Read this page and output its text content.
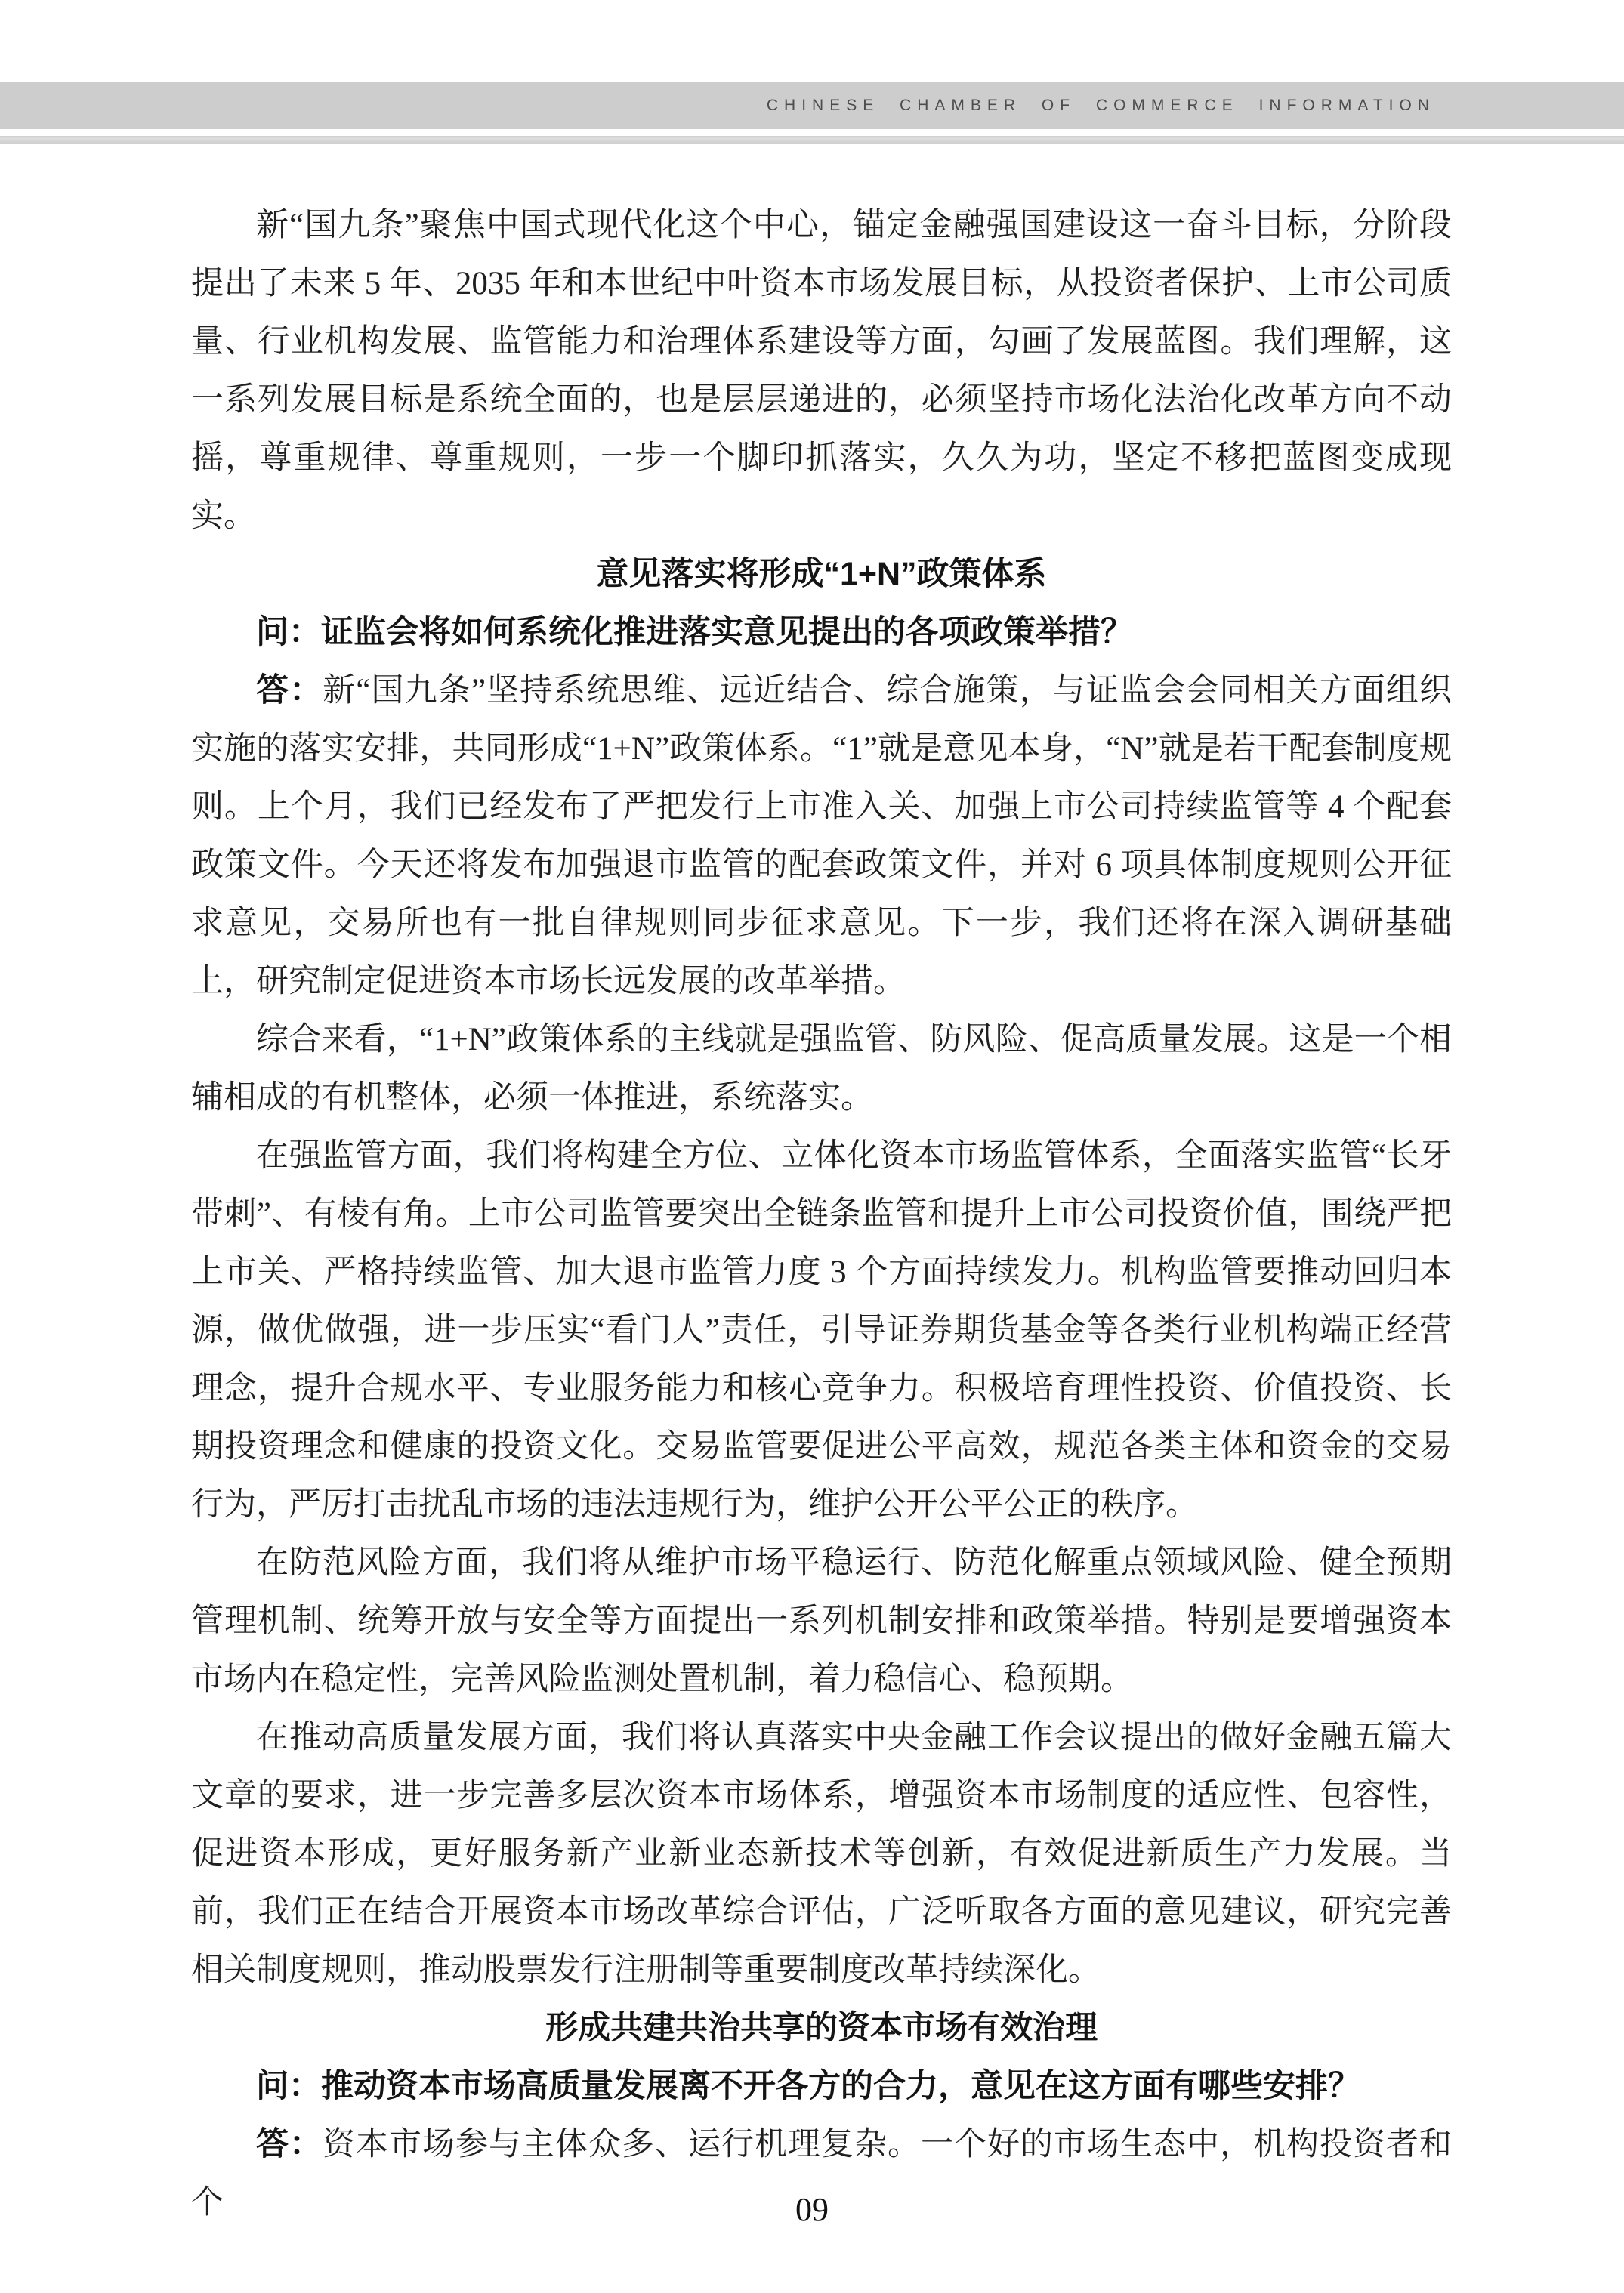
CHINESE CHAMBER OF COMMERCE INFORMATION

新“国九条”聚焦中国式现代化这个中心，锚定金融强国建设这一奋斗目标，分阶段提出了未来 5 年、2035 年和本世纪中叶资本市场发展目标，从投资者保护、上市公司质量、行业机构发展、监管能力和治理体系建设等方面，勾画了发展蓝图。我们理解，这一系列发展目标是系统全面的，也是层层递进的，必须坚持市场化法治化改革方向不动摇，尊重规律、尊重规则，一步一个脚印抓落实，久久为功，坚定不移把蓝图变成现实。

意见落实将形成“1+N”政策体系

问：证监会将如何系统化推进落实意见提出的各项政策举措？

答：新“国九条”坚持系统思维、远近结合、综合施策，与证监会会同相关方面组织实施的落实安排，共同形成“1+N”政策体系。“1”就是意见本身，“N”就是若干配套制度规则。上个月，我们已经发布了严把发行上市准入关、加强上市公司持续监管等 4 个配套政策文件。今天还将发布加强退市监管的配套政策文件，并对 6 项具体制度规则公开征求意见，交易所也有一批自律规则同步征求意见。下一步，我们还将在深入调研基础上，研究制定促进资本市场长远发展的改革举措。

综合来看，“1+N”政策体系的主线就是强监管、防风险、促高质量发展。这是一个相辅相成的有机整体，必须一体推进，系统落实。

在强监管方面，我们将构建全方位、立体化资本市场监管体系，全面落实监管“长牙带刺”、有棱有角。上市公司监管要突出全链条监管和提升上市公司投资价值，围绕严把上市关、严格持续监管、加大退市监管力度 3 个方面持续发力。机构监管要推动回归本源，做优做强，进一步压实“看门人”责任，引导证券期货基金等各类行业机构端正经营理念，提升合规水平、专业服务能力和核心竞争力。积极培育理性投资、价值投资、长期投资理念和健康的投资文化。交易监管要促进公平高效，规范各类主体和资金的交易行为，严厉打击扰乱市场的违法违规行为，维护公开公平公正的秩序。

在防范风险方面，我们将从维护市场平稳运行、防范化解重点领域风险、健全预期管理机制、统筹开放与安全等方面提出一系列机制安排和政策举措。特别是要增强资本市场内在稳定性，完善风险监测处置机制，着力稳信心、稳预期。

在推动高质量发展方面，我们将认真落实中央金融工作会议提出的做好金融五篇大文章的要求，进一步完善多层次资本市场体系，增强资本市场制度的适应性、包容性，促进资本形成，更好服务新产业新业态新技术等创新，有效促进新质生产力发展。当前，我们正在结合开展资本市场改革综合评估，广泛听取各方面的意见建议，研究完善相关制度规则，推动股票发行注册制等重要制度改革持续深化。

形成共建共治共享的资本市场有效治理

问：推动资本市场高质量发展离不开各方的合力，意见在这方面有哪些安排？

答：资本市场参与主体众多、运行机理复杂。一个好的市场生态中，机构投资者和个	09
